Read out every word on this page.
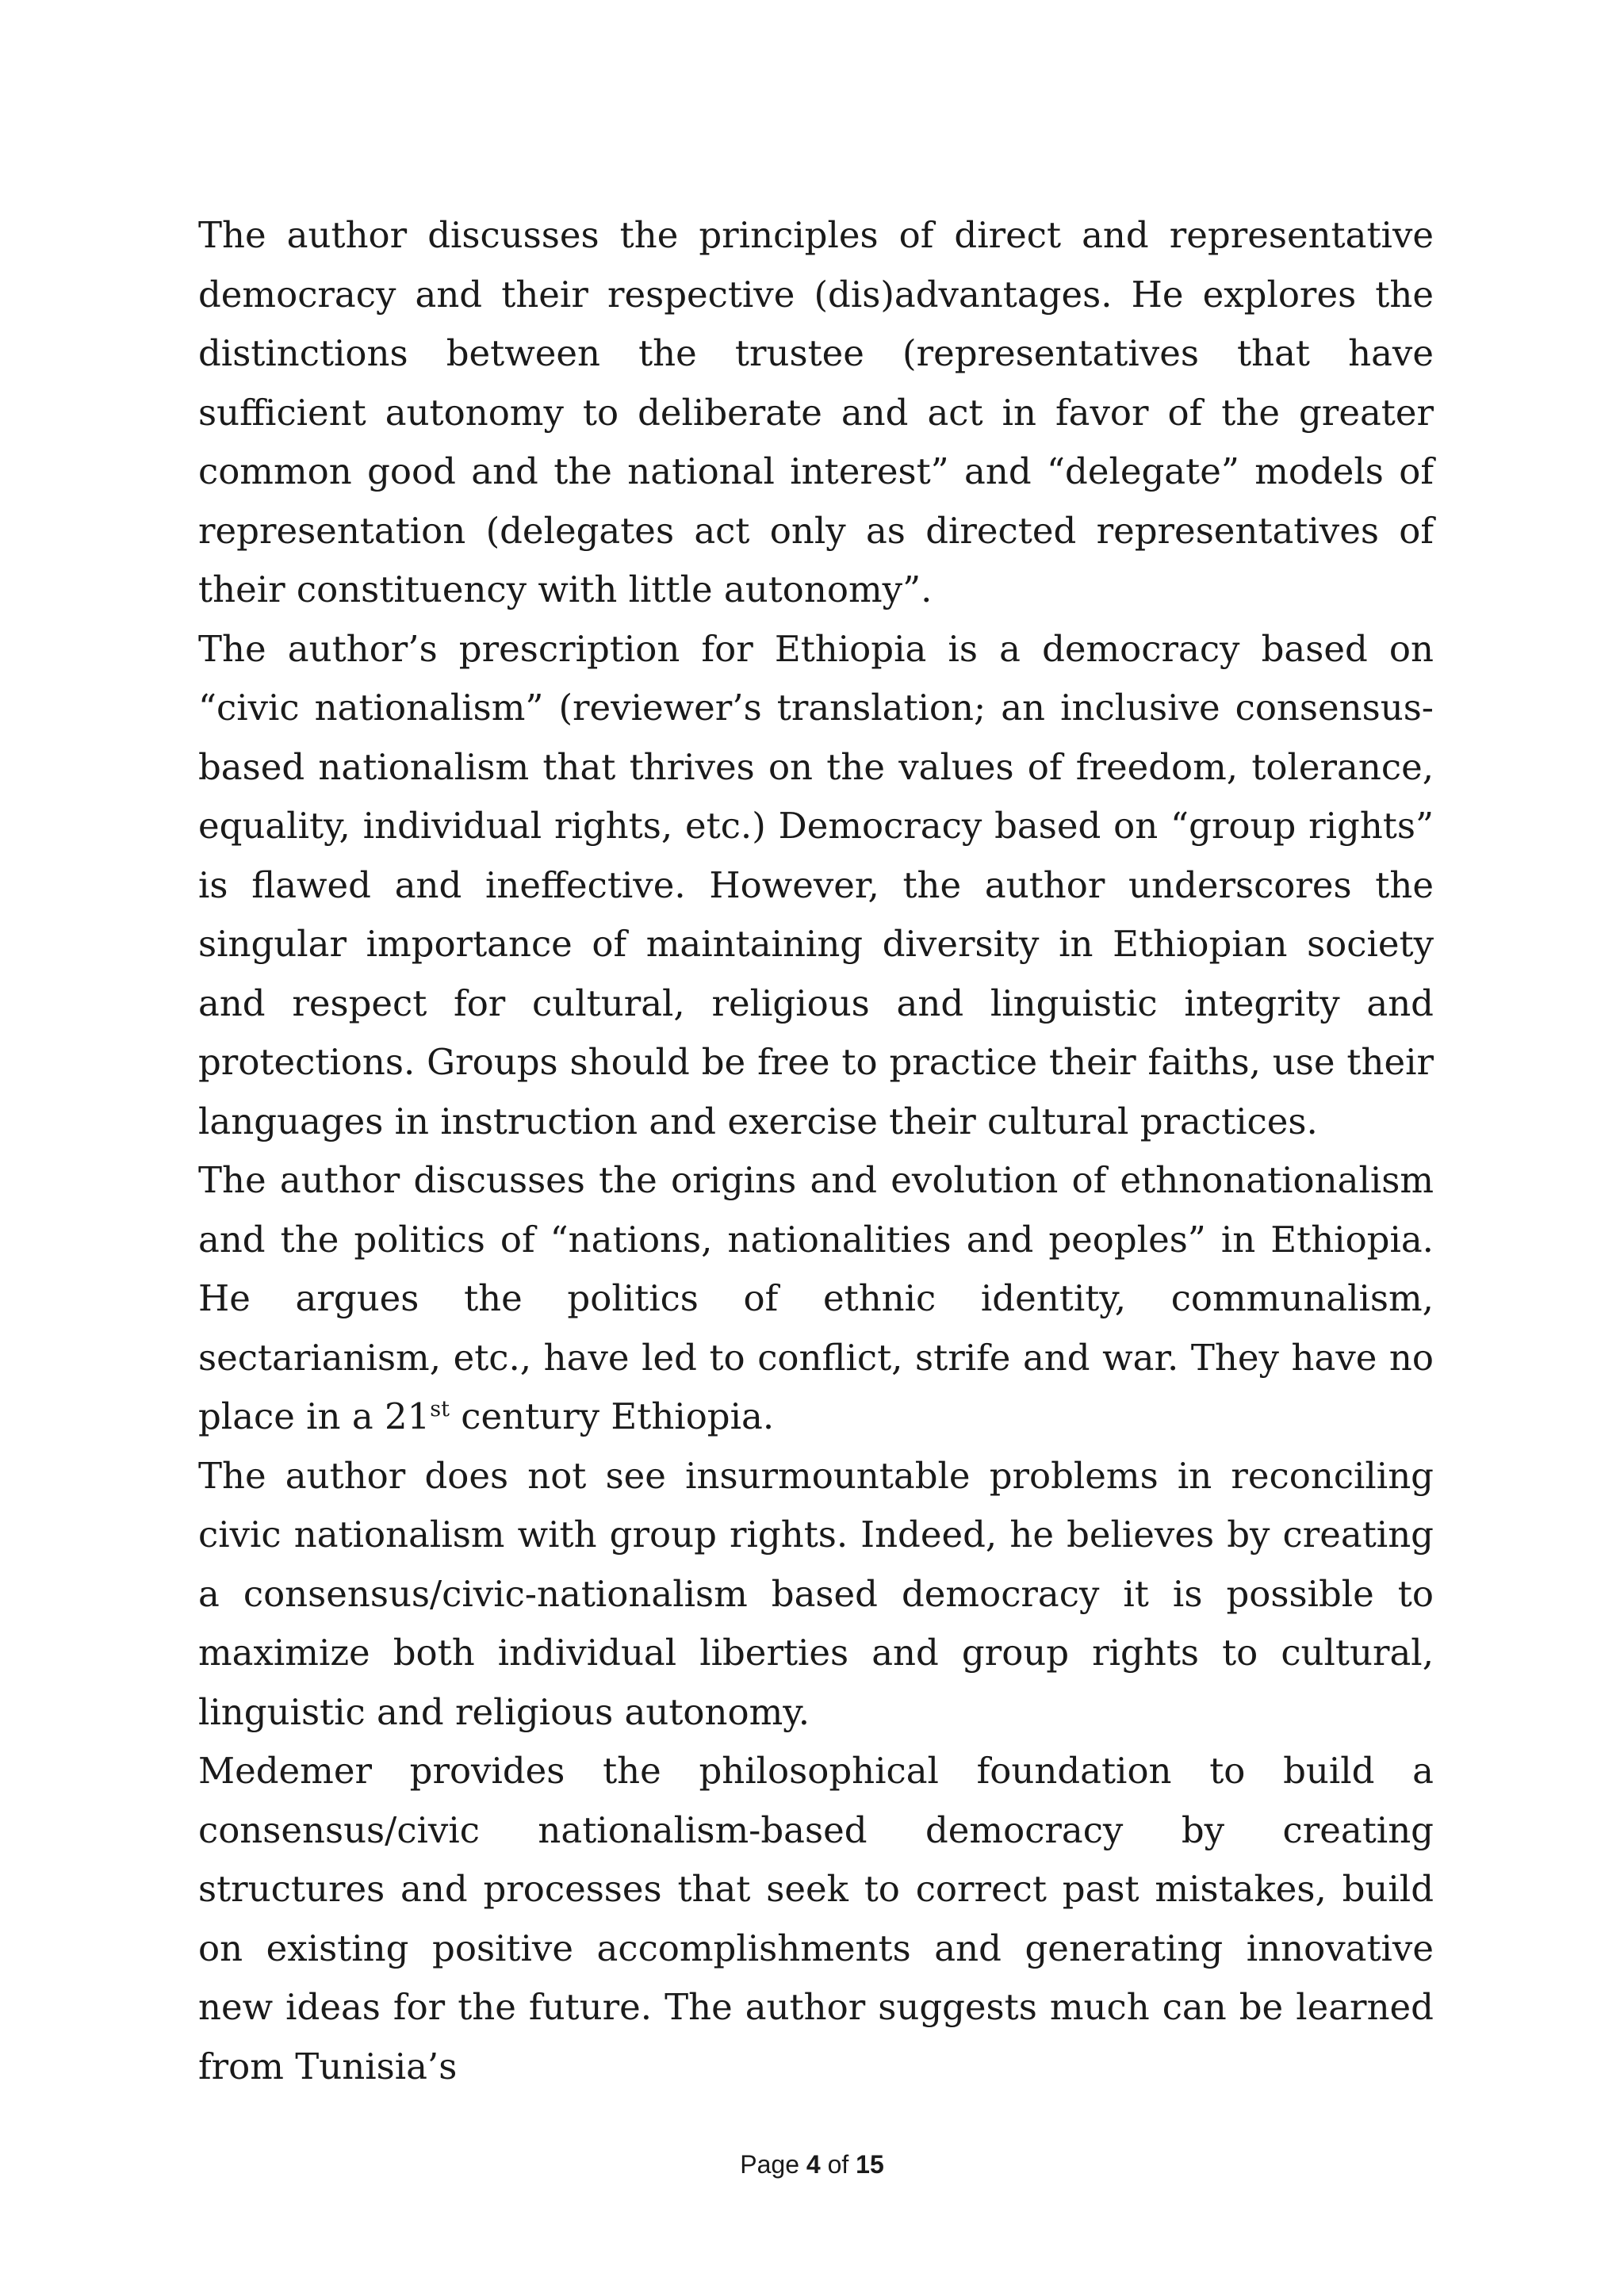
The author discusses the principles of direct and representative democracy and their respective (dis)advantages. He explores the distinctions between the trustee (representatives that have sufficient autonomy to deliberate and act in favor of the greater common good and the national interest” and “delegate” models of representation (delegates act only as directed representatives of their constituency with little autonomy”.

The author’s prescription for Ethiopia is a democracy based on “civic nationalism” (reviewer’s translation; an inclusive consensus-based nationalism that thrives on the values of freedom, tolerance, equality, individual rights, etc.) Democracy based on “group rights” is flawed and ineffective. However, the author underscores the singular importance of maintaining diversity in Ethiopian society and respect for cultural, religious and linguistic integrity and protections. Groups should be free to practice their faiths, use their languages in instruction and exercise their cultural practices.

The author discusses the origins and evolution of ethnonationalism and the politics of “nations, nationalities and peoples” in Ethiopia. He argues the politics of ethnic identity, communalism, sectarianism, etc., have led to conflict, strife and war. They have no place in a 21st century Ethiopia.

The author does not see insurmountable problems in reconciling civic nationalism with group rights. Indeed, he believes by creating a consensus/civic-nationalism based democracy it is possible to maximize both individual liberties and group rights to cultural, linguistic and religious autonomy.

Medemer provides the philosophical foundation to build a consensus/civic nationalism-based democracy by creating structures and processes that seek to correct past mistakes, build on existing positive accomplishments and generating innovative new ideas for the future. The author suggests much can be learned from Tunisia’s

Page 4 of 15
